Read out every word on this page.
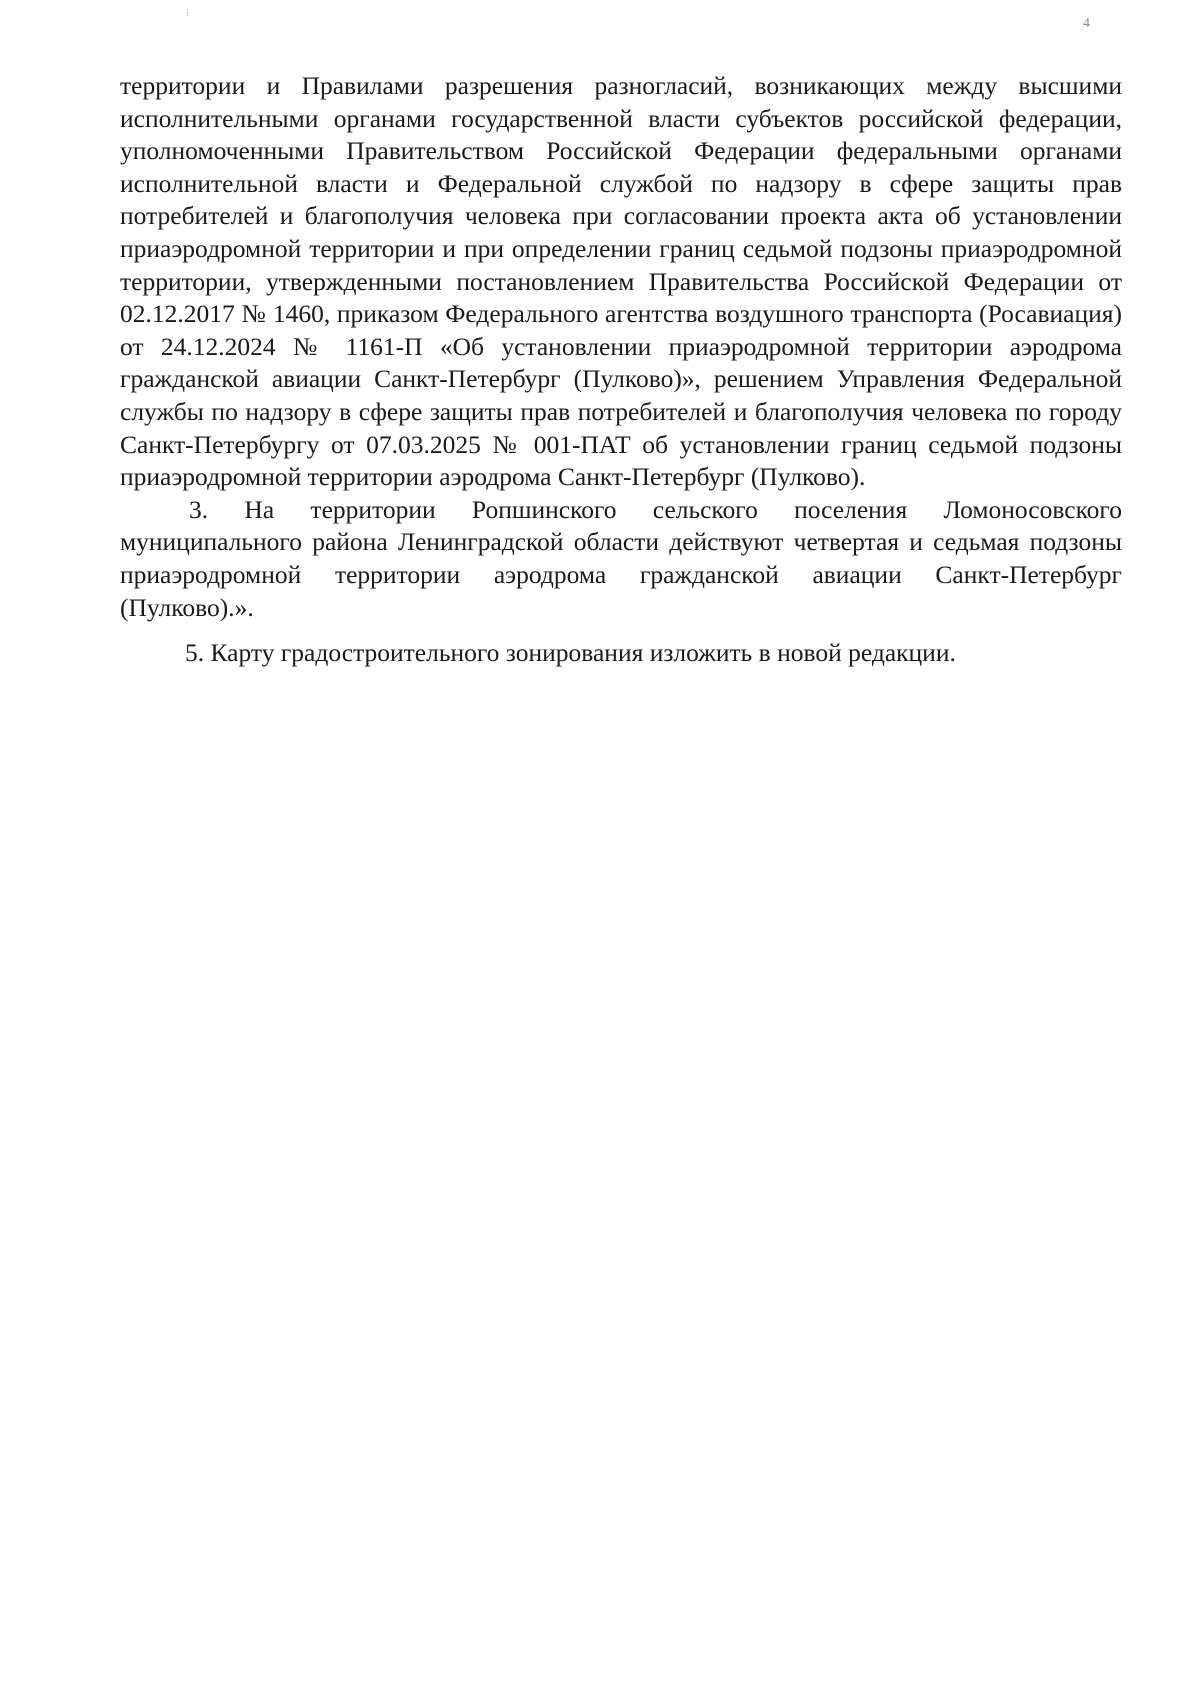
⁞
4

территории и Правилами разрешения разногласий, возникающих между высшими исполнительными органами государственной власти субъектов российской федерации, уполномоченными Правительством Российской Федерации федеральными органами исполнительной власти и Федеральной службой по надзору в сфере защиты прав потребителей и благополучия человека при согласовании проекта акта об установлении приаэродромной территории и при определении границ седьмой подзоны приаэродромной территории, утвержденными постановлением Правительства Российской Федерации от 02.12.2017 № 1460, приказом Федерального агентства воздушного транспорта (Росавиация) от 24.12.2024 № 1161-П «Об установлении приаэродромной территории аэродрома гражданской авиации Санкт-Петербург (Пулково)», решением Управления Федеральной службы по надзору в сфере защиты прав потребителей и благополучия человека по городу Санкт-Петербургу от 07.03.2025 № 001-ПАТ об установлении границ седьмой подзоны приаэродромной территории аэродрома Санкт-Петербург (Пулково).

3. На территории Ропшинского сельского поселения Ломоносовского муниципального района Ленинградской области действуют четвертая и седьмая подзоны приаэродромной территории аэродрома гражданской авиации Санкт-Петербург (Пулково).».

5. Карту градостроительного зонирования изложить в новой редакции.
